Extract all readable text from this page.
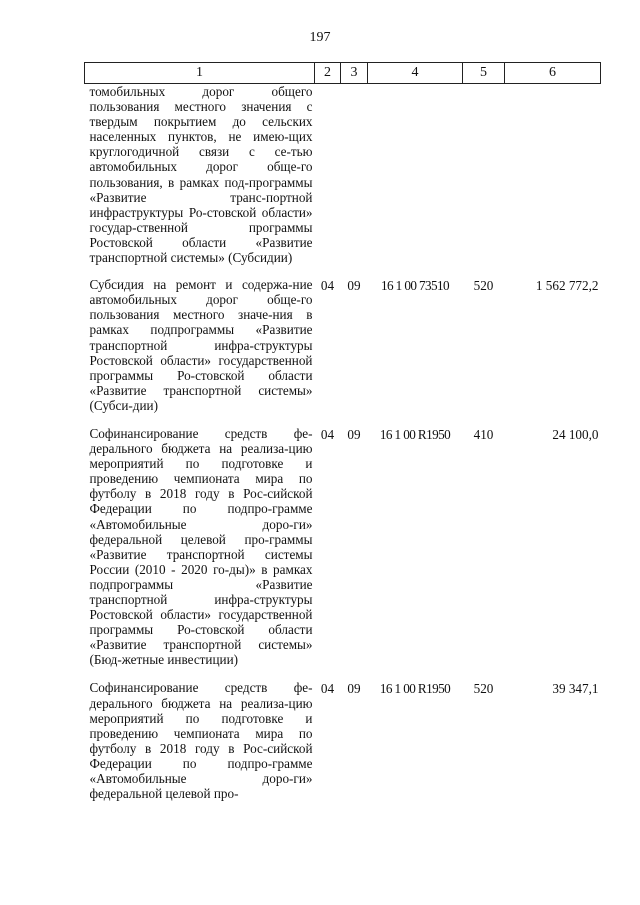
197
1	2	3	4	5	6
томобильных дорог общего пользования местного значения с твердым покрытием до сельских населенных пунктов, не имею-щих круглогодичной связи с се-тью автомобильных дорог обще-го пользования, в рамках под-программы «Развитие транс-портной инфраструктуры Ро-стовской области» государ-ственной программы Ростовской области «Развитие транспортной системы» (Субсидии)					
Субсидия на ремонт и содержа-ние автомобильных дорог обще-го пользования местного значе-ния в рамках подпрограммы «Развитие транспортной инфра-структуры Ростовской области» государственной программы Ро-стовской области «Развитие транспортной системы» (Субси-дии)	04	09	16 1 00 73510	520	1 562 772,2
Софинансирование средств фе-дерального бюджета на реализа-цию мероприятий по подготовке и проведению чемпионата мира по футболу в 2018 году в Рос-сийской Федерации по подпро-грамме «Автомобильные доро-ги» федеральной целевой про-граммы «Развитие транспортной системы России (2010 - 2020 го-ды)» в рамках подпрограммы «Развитие транспортной инфра-структуры Ростовской области» государственной программы Ро-стовской области «Развитие транспортной системы» (Бюд-жетные инвестиции)	04	09	16 1 00 R1950	410	24 100,0
Софинансирование средств фе-дерального бюджета на реализа-цию мероприятий по подготовке и проведению чемпионата мира по футболу в 2018 году в Рос-сийской Федерации по подпро-грамме «Автомобильные доро-ги» федеральной целевой про-	04	09	16 1 00 R1950	520	39 347,1
